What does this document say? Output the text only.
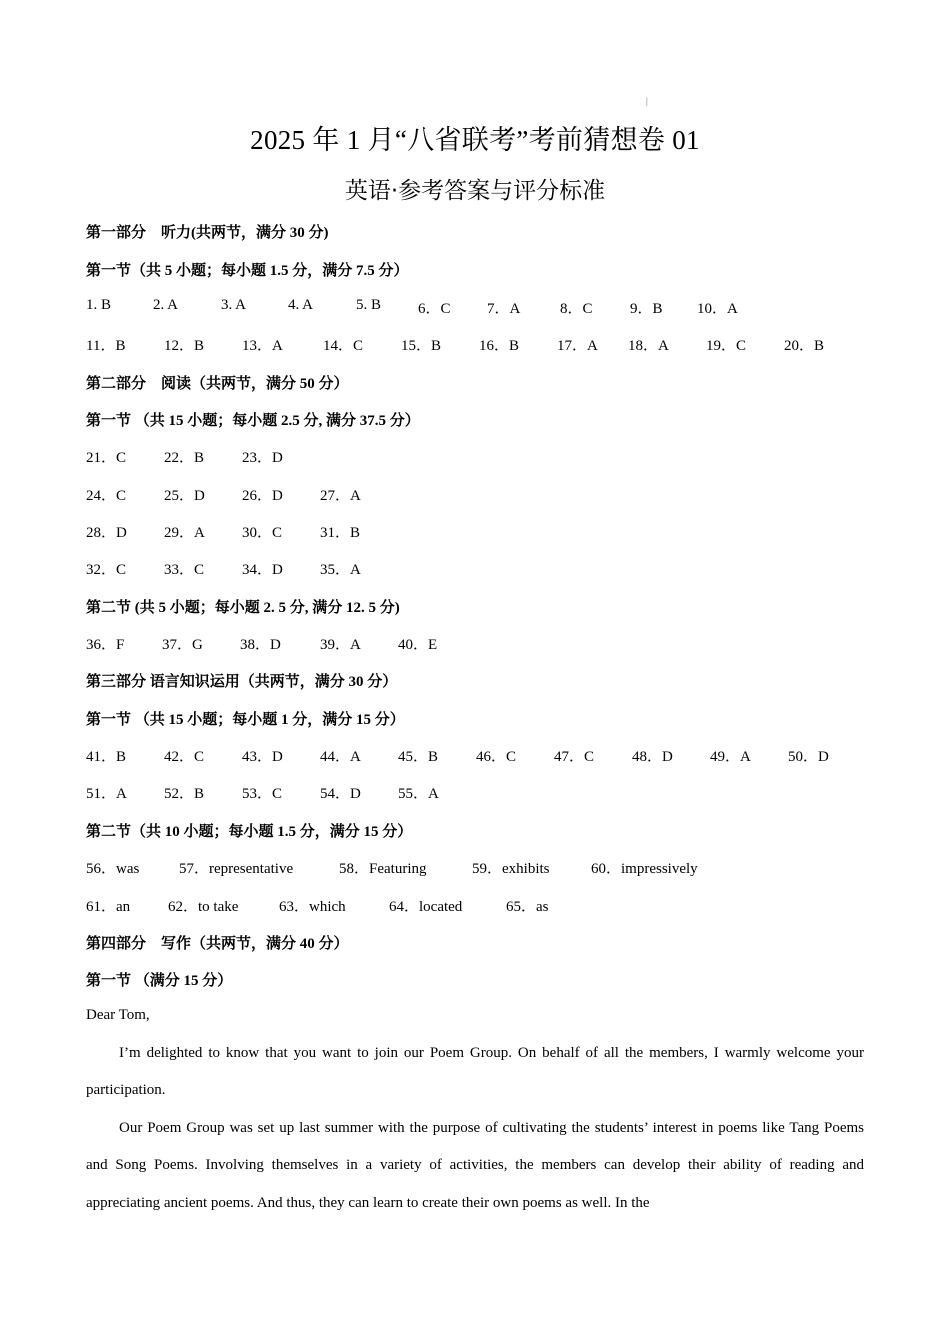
|
2025 年 1 月“八省联考”考前猜想卷 01
英语·参考答案与评分标准
第一部分　听力(共两节，满分 30 分)
第一节（共 5 小题；每小题 1.5 分，满分 7.5 分）
1. B	2. A	3. A	4. A	5. B	6．C	7．A	8．C	9．B	10．A
11．B	12．B	13．A	14．C	15．B	16．B	17．A	18．A	19．C	20．B
第二部分　阅读（共两节，满分 50 分）
第一节 （共 15 小题；每小题 2.5 分, 满分 37.5 分）
21．C	22．B	23．D
24．C	25．D	26．D	27．A
28．D	29．A	30．C	31．B
32．C	33．C	34．D	35．A
第二节 (共 5 小题；每小题 2. 5 分, 满分 12. 5 分)
36．F	37．G	38．D	39．A	40．E
第三部分 语言知识运用（共两节，满分 30 分）
第一节 （共 15 小题；每小题 1 分，满分 15 分）
41．B	42．C	43．D	44．A	45．B	46．C	47．C	48．D	49．A	50．D
51．A	52．B	53．C	54．D	55．A
第二节（共 10 小题；每小题 1.5 分，满分 15 分）
56．was	57．representative	58．Featuring	59．exhibits	60．impressively
61．an	62．to take	63．which	64．located	65．as
第四部分　写作（共两节，满分 40 分）
第一节 （满分 15 分）
Dear Tom,
I’m delighted to know that you want to join our Poem Group. On behalf of all the members, I warmly welcome your participation.
Our Poem Group was set up last summer with the purpose of cultivating the students’ interest in poems like Tang Poems and Song Poems. Involving themselves in a variety of activities, the members can develop their ability of reading and appreciating ancient poems. And thus, they can learn to create their own poems as well. In the
